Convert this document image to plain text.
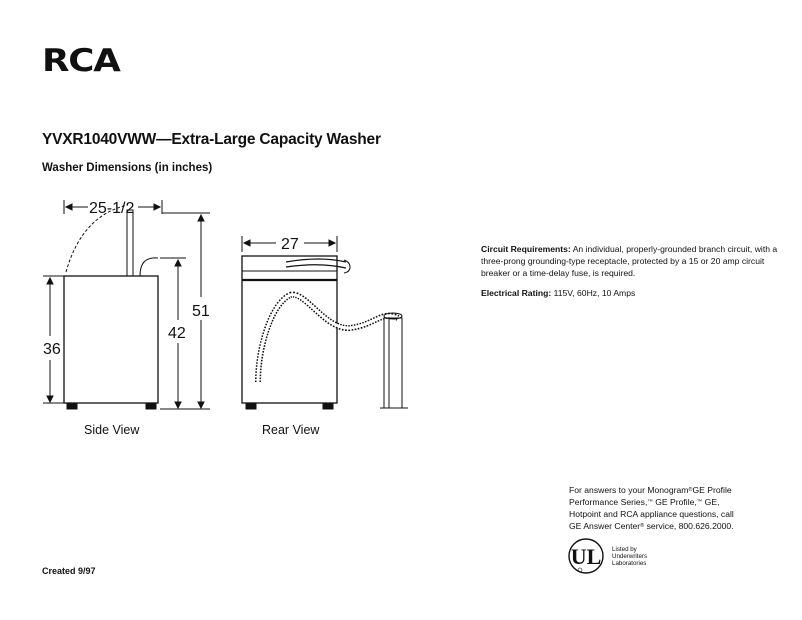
RCA
YVXR1040VWW—Extra-Large Capacity Washer
Washer Dimensions (in inches)
25-1/2
36
42
51
27
Side View	Rear View
Circuit Requirements: An individual, properly-grounded branch circuit, with a three-prong grounding-type receptacle, protected by a 15 or 20 amp circuit breaker or a time-delay fuse, is required.
Electrical Rating: 115V, 60Hz, 10 Amps
For answers to your Monogram®GE Profile
Performance Series,™ GE Profile,™ GE,
Hotpoint and RCA appliance questions, call
GE Answer Center® service, 800.626.2000.
UL Listed by
Underwriters
Laboratories
Created 9/97
